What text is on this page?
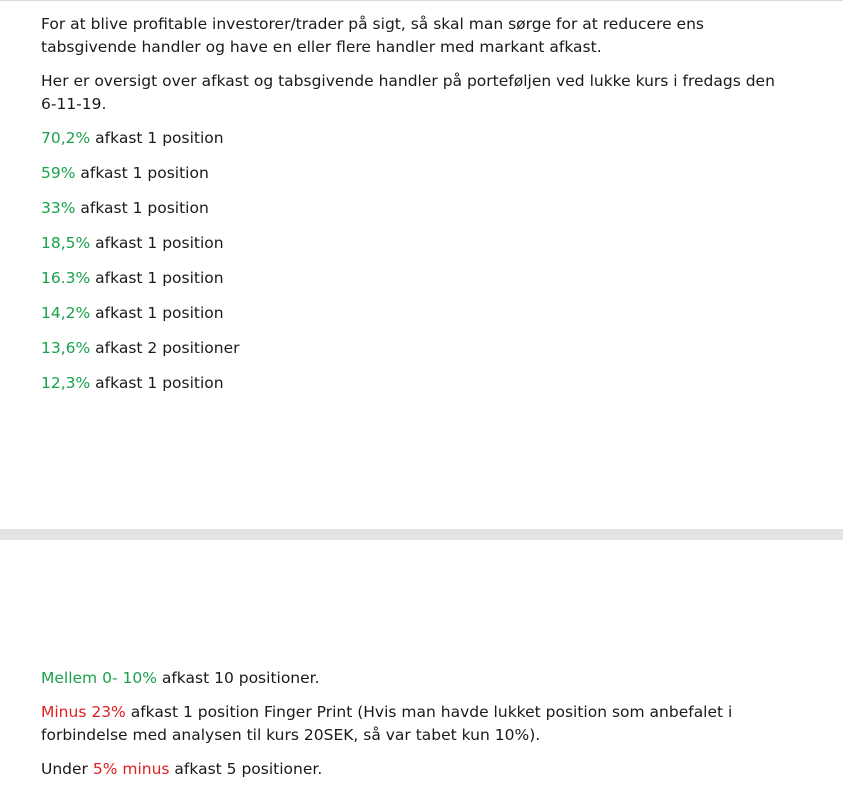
For at blive profitable investorer/trader på sigt, så skal man sørge for at reducere ens tabsgivende handler og have en eller flere handler med markant afkast.

Her er oversigt over afkast og tabsgivende handler på porteføljen ved lukke kurs i fredags den 6-11-19.

70,2% afkast 1 position

59% afkast 1 position

33% afkast 1 position

18,5% afkast 1 position

16.3% afkast 1 position

14,2% afkast 1 position

13,6% afkast 2 positioner

12,3% afkast 1 position

Mellem 0- 10% afkast 10 positioner.

Minus 23% afkast 1 position Finger Print (Hvis man havde lukket position som anbefalet i forbindelse med analysen til kurs 20SEK, så var tabet kun 10%).

Under 5% minus afkast 5 positioner.
